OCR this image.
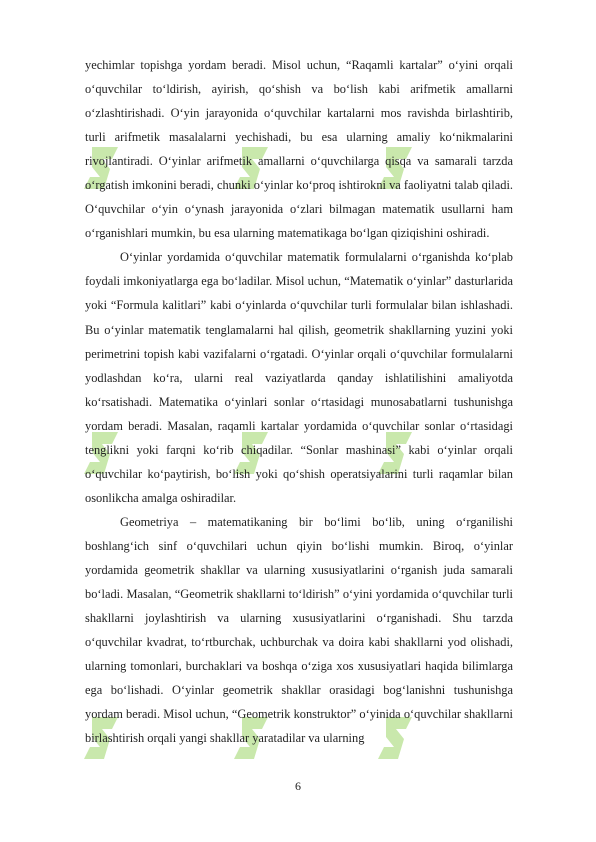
yechimlar topishga yordam beradi. Misol uchun, “Raqamli kartalar” o‘yini orqali o‘quvchilar to‘ldirish, ayirish, qo‘shish va bo‘lish kabi arifmetik amallarni o‘zlashtirishadi. O‘yin jarayonida o‘quvchilar kartalarni mos ravishda birlashtirib, turli arifmetik masalalarni yechishadi, bu esa ularning amaliy ko‘nikmalarini rivojlantiradi. O‘yinlar arifmetik amallarni o‘quvchilarga qisqa va samarali tarzda o‘rgatish imkonini beradi, chunki o‘yinlar ko‘proq ishtirokni va faoliyatni talab qiladi. O‘quvchilar o‘yin o‘ynash jarayonida o‘zlari bilmagan matematik usullarni ham o‘rganishlari mumkin, bu esa ularning matematikaga bo‘lgan qiziqishini oshiradi.

O‘yinlar yordamida o‘quvchilar matematik formulalarni o‘rganishda ko‘plab foydali imkoniyatlarga ega bo‘ladilar. Misol uchun, “Matematik o‘yinlar” dasturlarida yoki “Formula kalitlari” kabi o‘yinlarda o‘quvchilar turli formulalar bilan ishlashadi. Bu o‘yinlar matematik tenglamalarni hal qilish, geometrik shakllarning yuzini yoki perimetrini topish kabi vazifalarni o‘rgatadi. O‘yinlar orqali o‘quvchilar formulalarni yodlashdan ko‘ra, ularni real vaziyatlarda qanday ishlatilishini amaliyotda ko‘rsatishadi. Matematika o‘yinlari sonlar o‘rtasidagi munosabatlarni tushunishga yordam beradi. Masalan, raqamli kartalar yordamida o‘quvchilar sonlar o‘rtasidagi tenglikni yoki farqni ko‘rib chiqadilar. “Sonlar mashinasi” kabi o‘yinlar orqali o‘quvchilar ko‘paytirish, bo‘lish yoki qo‘shish operatsiyalarini turli raqamlar bilan osonlikcha amalga oshiradilar.

Geometriya – matematikaning bir bo‘limi bo‘lib, uning o‘rganilishi boshlang‘ich sinf o‘quvchilari uchun qiyin bo‘lishi mumkin. Biroq, o‘yinlar yordamida geometrik shakllar va ularning xususiyatlarini o‘rganish juda samarali bo‘ladi. Masalan, “Geometrik shakllarni to‘ldirish” o‘yini yordamida o‘quvchilar turli shakllarni joylashtirish va ularning xususiyatlarini o‘rganishadi. Shu tarzda o‘quvchilar kvadrat, to‘rtburchak, uchburchak va doira kabi shakllarni yod olishadi, ularning tomonlari, burchaklari va boshqa o‘ziga xos xususiyatlari haqida bilimlarga ega bo‘lishadi. O‘yinlar geometrik shakllar orasidagi bog‘lanishni tushunishga yordam beradi. Misol uchun, “Geometrik konstruktor” o‘yinida o‘quvchilar shakllarni birlashtirish orqali yangi shakllar yaratadilar va ularning

6
